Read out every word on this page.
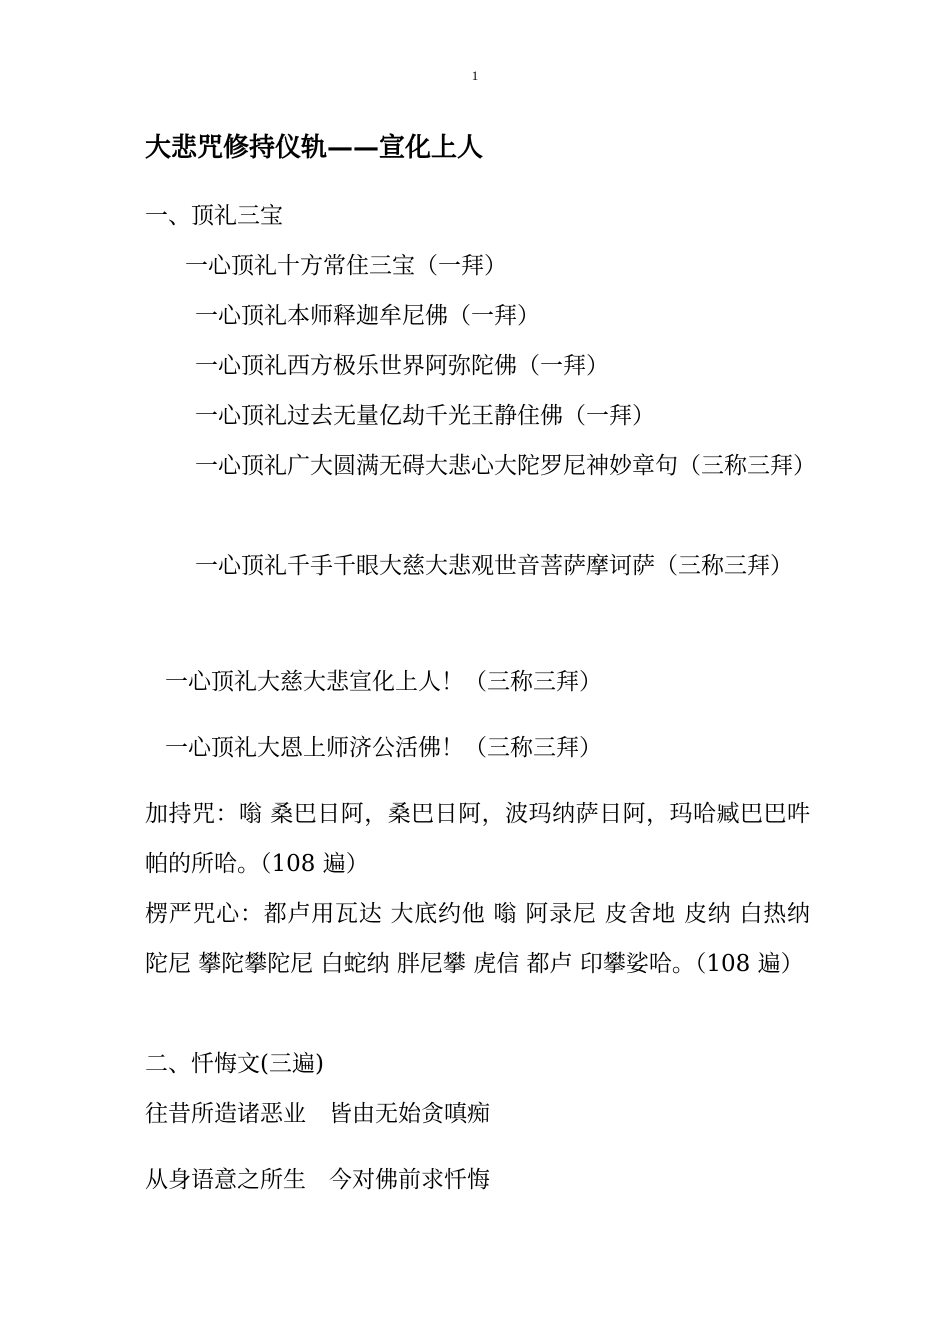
1
大悲咒修持仪轨——宣化上人
一、顶礼三宝
一心顶礼十方常住三宝（一拜）
一心顶礼本师释迦牟尼佛（一拜）
一心顶礼西方极乐世界阿弥陀佛（一拜）
一心顶礼过去无量亿劫千光王静住佛（一拜）
一心顶礼广大圆满无碍大悲心大陀罗尼神妙章句（三称三拜）
一心顶礼千手千眼大慈大悲观世音菩萨摩诃萨（三称三拜）
一心顶礼大慈大悲宣化上人！（三称三拜）
一心顶礼大恩上师济公活佛！（三称三拜）
加持咒：嗡 桑巴日阿，桑巴日阿，波玛纳萨日阿，玛哈臧巴巴吽帕的所哈。（108 遍）
楞严咒心：都卢用瓦达 大底约他 嗡 阿录尼 皮舍地 皮纳 白热纳 陀尼 攀陀攀陀尼 白蛇纳 胖尼攀 虎信 都卢 印攀娑哈。（108 遍）
二、忏悔文(三遍)
往昔所造诸恶业　皆由无始贪嗔痴
从身语意之所生　今对佛前求忏悔
